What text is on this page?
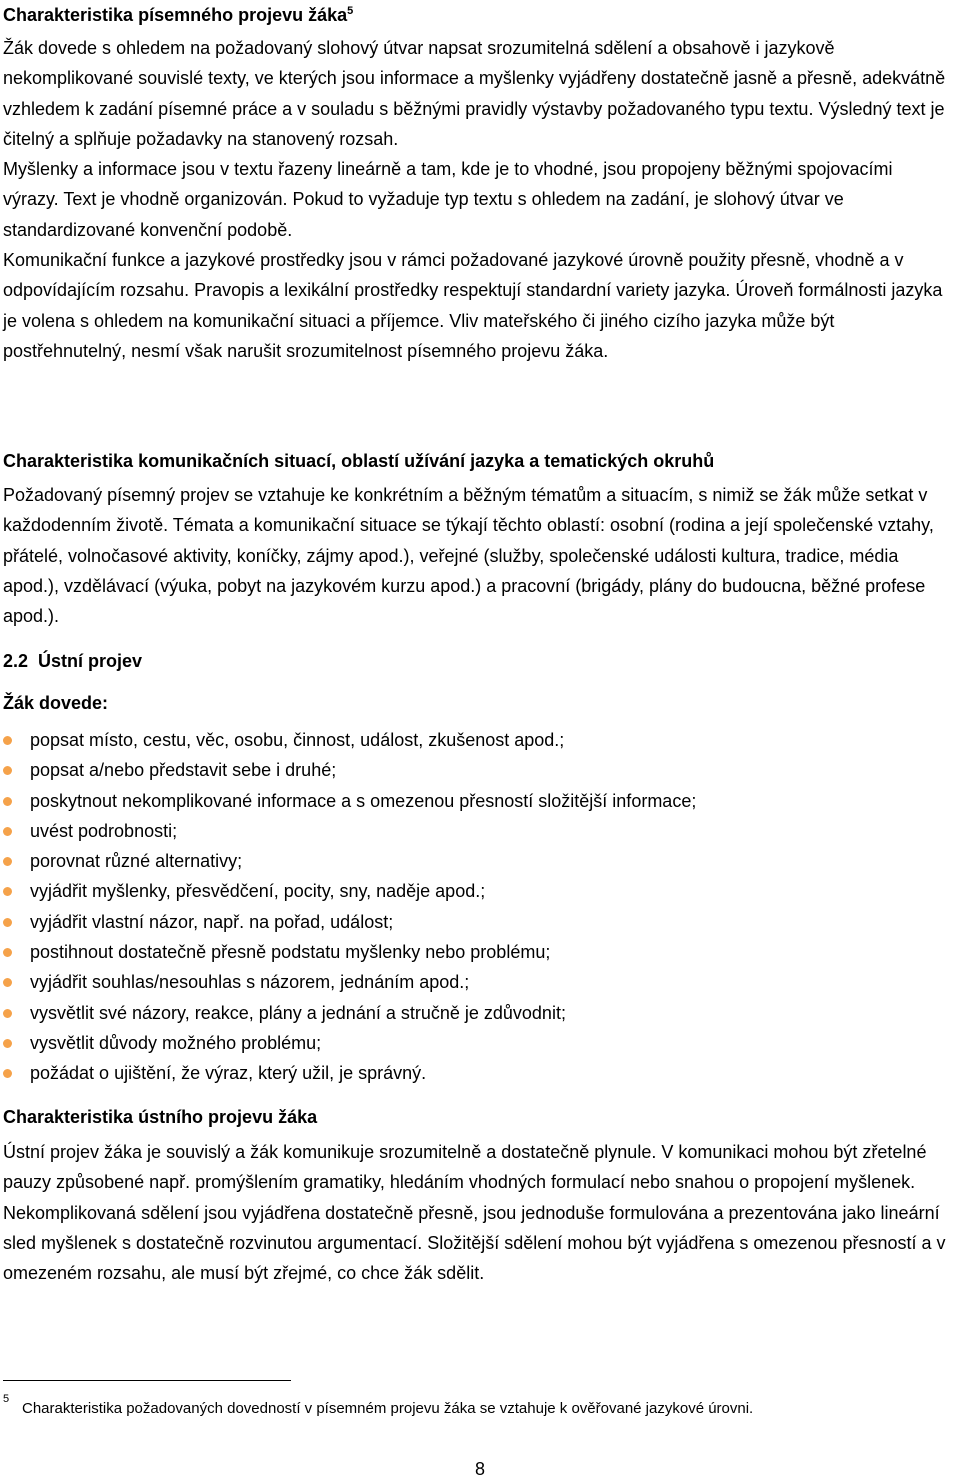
Charakteristika písemného projevu žáka$^5$

Žák dovede s ohledem na požadovaný slohový útvar napsat srozumitelná sdělení a obsahově i jazykově nekomplikované souvislé texty, ve kterých jsou informace a myšlenky vyjádřeny dostatečně jasně a přesně, adekvátně vzhledem k zadání písemné práce a v souladu s běžnými pravidly výstavby požadovaného typu textu. Výsledný text je čitelný a splňuje požadavky na stanovený rozsah.

Myšlenky a informace jsou v textu řazeny lineárně a tam, kde je to vhodné, jsou propojeny běžnými spojovacími výrazy. Text je vhodně organizován. Pokud to vyžaduje typ textu s ohledem na zadání, je slohový útvar ve standardizované konvenční podobě.

Komunikační funkce a jazykové prostředky jsou v rámci požadované jazykové úrovně použity přesně, vhodně a v odpovídajícím rozsahu. Pravopis a lexikální prostředky respektují standardní variety jazyka. Úroveň formálnosti jazyka je volena s ohledem na komunikační situaci a příjemce. Vliv mateřského či jiného cizího jazyka může být postřehnutelný, nesmí však narušit srozumitelnost písemného projevu žáka.

Charakteristika komunikačních situací, oblastí užívání jazyka a tematických okruhů

Požadovaný písemný projev se vztahuje ke konkrétním a běžným tématům a situacím, s nimiž se žák může setkat v každodenním životě. Témata a komunikační situace se týkají těchto oblastí: osobní (rodina a její společenské vztahy, přátelé, volnočasové aktivity, koníčky, zájmy apod.), veřejné (služby, společenské události kultura, tradice, média apod.), vzdělávací (výuka, pobyt na jazykovém kurzu apod.) a pracovní (brigády, plány do budoucna, běžné profese apod.).

2.2 Ústní projev
Žák dovede:
popsat místo, cestu, věc, osobu, činnost, událost, zkušenost apod.;
popsat a/nebo představit sebe i druhé;
poskytnout nekomplikované informace a s omezenou přesností složitější informace;
uvést podrobnosti;
porovnat různé alternativy;
vyjádřit myšlenky, přesvědčení, pocity, sny, naděje apod.;
vyjádřit vlastní názor, např. na pořad, událost;
postihnout dostatečně přesně podstatu myšlenky nebo problému;
vyjádřit souhlas/nesouhlas s názorem, jednáním apod.;
vysvětlit své názory, reakce, plány a jednání a stručně je zdůvodnit;
vysvětlit důvody možného problému;
požádat o ujištění, že výraz, který užil, je správný.
Charakteristika ústního projevu žáka

Ústní projev žáka je souvislý a žák komunikuje srozumitelně a dostatečně plynule. V komunikaci mohou být zřetelné pauzy způsobené např. promýšlením gramatiky, hledáním vhodných formulací nebo snahou o propojení myšlenek.

Nekomplikovaná sdělení jsou vyjádřena dostatečně přesně, jsou jednoduše formulována a prezentována jako lineární sled myšlenek s dostatečně rozvinutou argumentací. Složitější sdělení mohou být vyjádřena s omezenou přesností a v omezeném rozsahu, ale musí být zřejmé, co chce žák sdělit.

5
Charakteristika požadovaných dovedností v písemném projevu žáka se vztahuje k ověřované jazykové úrovni.
8
